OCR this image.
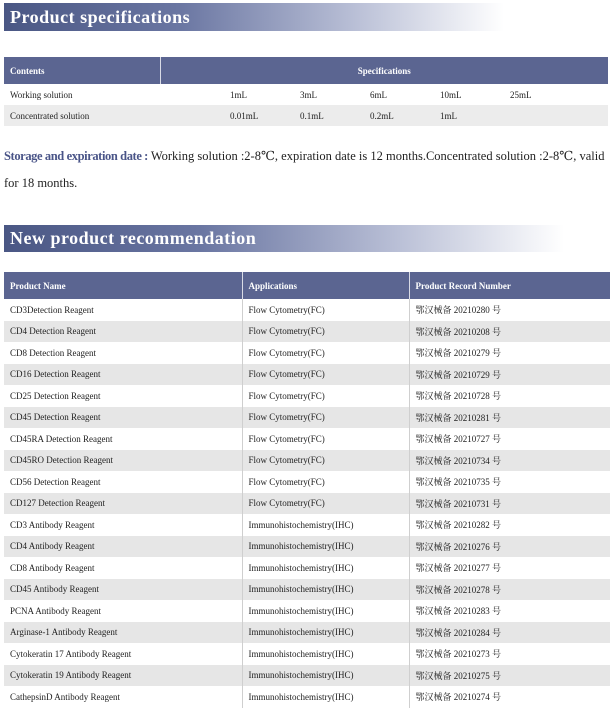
Product specifications
Contents	Specifications
Working solution	1mL 3mL 6mL 10mL 25mL

Concentrated solution	0.01mL 0.1mL 0.2mL 1mL
Storage and expiration date : Working solution :2-8℃, expiration date is 12 months.Concentrated solution :2-8℃, valid for 18 months.
New product recommendation
Product Name	Applications	Product Record Number
CD3Detection Reagent	Flow Cytometry(FC)	鄂汉械备 20210280 号
CD4 Detection Reagent	Flow Cytometry(FC)	鄂汉械备 20210208 号
CD8 Detection Reagent	Flow Cytometry(FC)	鄂汉械备 20210279 号
CD16 Detection Reagent	Flow Cytometry(FC)	鄂汉械备 20210729 号
CD25 Detection Reagent	Flow Cytometry(FC)	鄂汉械备 20210728 号
CD45 Detection Reagent	Flow Cytometry(FC)	鄂汉械备 20210281 号
CD45RA Detection Reagent	Flow Cytometry(FC)	鄂汉械备 20210727 号
CD45RO Detection Reagent	Flow Cytometry(FC)	鄂汉械备 20210734 号
CD56 Detection Reagent	Flow Cytometry(FC)	鄂汉械备 20210735 号
CD127 Detection Reagent	Flow Cytometry(FC)	鄂汉械备 20210731 号
CD3 Antibody Reagent	Immunohistochemistry(IHC)	鄂汉械备 20210282 号
CD4 Antibody Reagent	Immunohistochemistry(IHC)	鄂汉械备 20210276 号
CD8 Antibody Reagent	Immunohistochemistry(IHC)	鄂汉械备 20210277 号
CD45 Antibody Reagent	Immunohistochemistry(IHC)	鄂汉械备 20210278 号
PCNA Antibody Reagent	Immunohistochemistry(IHC)	鄂汉械备 20210283 号
Arginase-1 Antibody Reagent	Immunohistochemistry(IHC)	鄂汉械备 20210284 号
Cytokeratin 17 Antibody Reagent	Immunohistochemistry(IHC)	鄂汉械备 20210273 号
Cytokeratin 19 Antibody Reagent	Immunohistochemistry(IHC)	鄂汉械备 20210275 号
CathepsinD Antibody Reagent	Immunohistochemistry(IHC)	鄂汉械备 20210274 号
